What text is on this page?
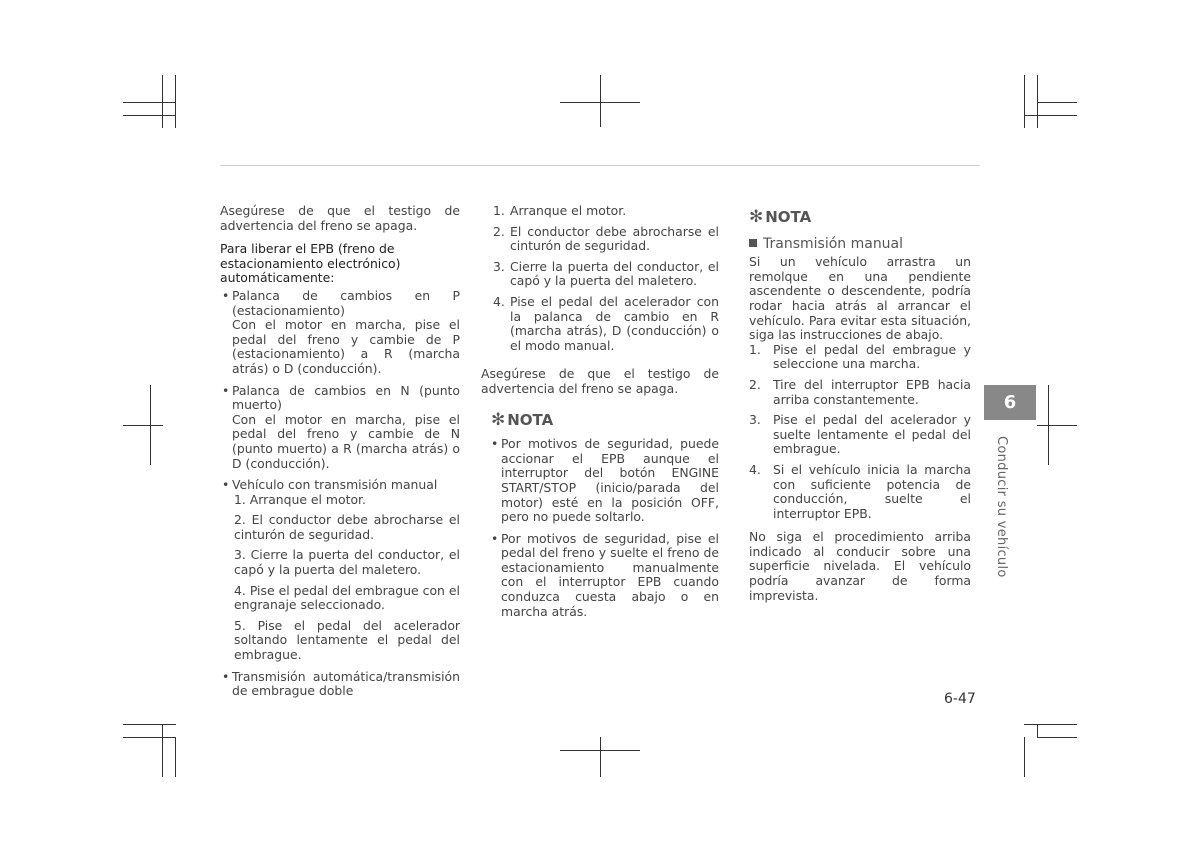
Asegúrese de que el testigo de advertencia del freno se apaga.

Para liberar el EPB (freno de estacionamiento electrónico) automáticamente:

• Palanca de cambios en P (estacionamiento)

Con el motor en marcha, pise el pedal del freno y cambie de P (estacionamiento) a R (marcha atrás) o D (conducción).

• Palanca de cambios en N (punto muerto)

Con el motor en marcha, pise el pedal del freno y cambie de N (punto muerto) a R (marcha atrás) o D (conducción).

• Vehículo con transmisión manual

1. Arranque el motor.

2. El conductor debe abrocharse el cinturón de seguridad.

3. Cierre la puerta del conductor, el capó y la puerta del maletero.

4. Pise el pedal del embrague con el engranaje seleccionado.

5. Pise el pedal del acelerador soltando lentamente el pedal del embrague.

• Transmisión automática/transmisión de embrague doble

1. Arranque el motor.
2. El conductor debe abrocharse el cinturón de seguridad.
3. Cierre la puerta del conductor, el capó y la puerta del maletero.
4. Pise el pedal del acelerador con la palanca de cambio en R (marcha atrás), D (conducción) o el modo manual.

Asegúrese de que el testigo de advertencia del freno se apaga.

✻ NOTA

• Por motivos de seguridad, puede accionar el EPB aunque el interruptor del botón ENGINE START/STOP (inicio/parada del motor) esté en la posición OFF, pero no puede soltarlo.
• Por motivos de seguridad, pise el pedal del freno y suelte el freno de estacionamiento manualmente con el interruptor EPB cuando conduzca cuesta abajo o en marcha atrás.

✻ NOTA

Transmisión manual

Si un vehículo arrastra un remolque en una pendiente ascendente o descendente, podría rodar hacia atrás al arrancar el vehículo. Para evitar esta situación, siga las instrucciones de abajo.

1. Pise el pedal del embrague y seleccione una marcha.
2. Tire del interruptor EPB hacia arriba constantemente.
3. Pise el pedal del acelerador y suelte lentamente el pedal del embrague.
4. Si el vehículo inicia la marcha con suficiente potencia de conducción, suelte el interruptor EPB.

No siga el procedimiento arriba indicado al conducir sobre una superficie nivelada. El vehículo podría avanzar de forma imprevista.

6
Conducir su vehículo
6-47
